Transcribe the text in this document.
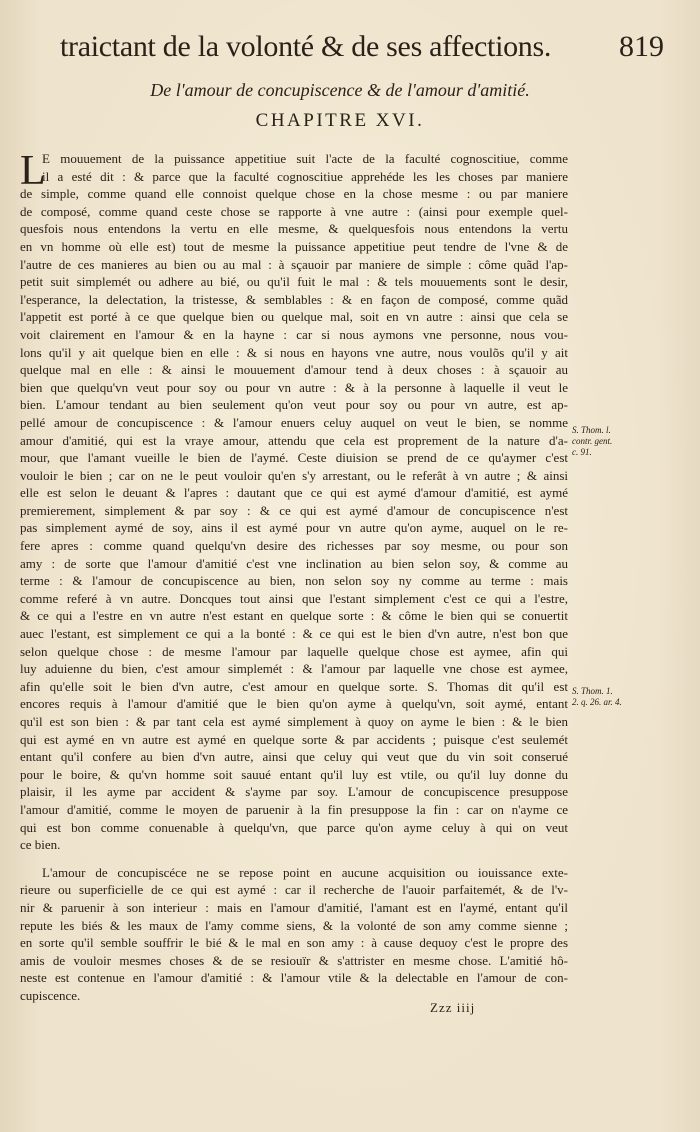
traictant de la volonté & de ses affections. 819
De l'amour de concupiscence & de l'amour d'amitié.
CHAPITRE XVI.
L
E mouuement de la puissance appetitiue suit l'acte de la faculté cognoscitiue, comme
il a esté dit : & parce que la faculté cognoscitiue apprehéde les les choses par maniere
de simple, comme quand elle connoist quelque chose en la chose mesme : ou par maniere
de composé, comme quand ceste chose se rapporte à vne autre : (ainsi pour exemple quel-
quesfois nous entendons la vertu en elle mesme, & quelquesfois nous entendons la vertu
en vn homme où elle est) tout de mesme la puissance appetitiue peut tendre de l'vne & de
l'autre de ces manieres au bien ou au mal : à sçauoir par maniere de simple : côme quãd l'ap-
petit suit simplemét ou adhere au bié, ou qu'il fuit le mal : & tels mouuements sont le desir,
l'esperance, la delectation, la tristesse, & semblables : & en façon de composé, comme quãd
l'appetit est porté à ce que quelque bien ou quelque mal, soit en vn autre : ainsi que cela se
voit clairement en l'amour & en la hayne : car si nous aymons vne personne, nous vou-
lons qu'il y ait quelque bien en elle : & si nous en hayons vne autre, nous voulõs qu'il y ait
quelque mal en elle : & ainsi le mouuement d'amour tend à deux choses : à sçauoir au
bien que quelqu'vn veut pour soy ou pour vn autre : & à la personne à laquelle il veut le
bien. L'amour tendant au bien seulement qu'on veut pour soy ou pour vn autre, est ap-
pellé amour de concupiscence : & l'amour enuers celuy auquel on veut le bien, se nomme
amour d'amitié, qui est la vraye amour, attendu que cela est proprement de la nature d'a-
mour, que l'amant vueille le bien de l'aymé. Ceste diuision se prend de ce qu'aymer c'est
vouloir le bien ; car on ne le peut vouloir qu'en s'y arrestant, ou le referât à vn autre ; & ainsi
elle est selon le deuant & l'apres : dautant que ce qui est aymé d'amour d'amitié, est aymé
premierement, simplement & par soy : & ce qui est aymé d'amour de concupiscence n'est
pas simplement aymé de soy, ains il est aymé pour vn autre qu'on ayme, auquel on le re-
fere apres : comme quand quelqu'vn desire des richesses par soy mesme, ou pour son
amy : de sorte que l'amour d'amitié c'est vne inclination au bien selon soy, & comme au
terme : & l'amour de concupiscence au bien, non selon soy ny comme au terme : mais
comme referé à vn autre. Doncques tout ainsi que l'estant simplement c'est ce qui a l'estre,
& ce qui a l'estre en vn autre n'est estant en quelque sorte : & côme le bien qui se conuertit
auec l'estant, est simplement ce qui a la bonté : & ce qui est le bien d'vn autre, n'est bon que
selon quelque chose : de mesme l'amour par laquelle quelque chose est aymee, afin qui
luy aduienne du bien, c'est amour simplemét : & l'amour par laquelle vne chose est aymee,
afin qu'elle soit le bien d'vn autre, c'est amour en quelque sorte. S. Thomas dit qu'il est
encores requis à l'amour d'amitié que le bien qu'on ayme à quelqu'vn, soit aymé, entant
qu'il est son bien : & par tant cela est aymé simplement à quoy on ayme le bien : & le bien
qui est aymé en vn autre est aymé en quelque sorte & par accidents ; puisque c'est seulemét
entant qu'il confere au bien d'vn autre, ainsi que celuy qui veut que du vin soit conserué
pour le boire, & qu'vn homme soit sauué entant qu'il luy est vtile, ou qu'il luy donne du
plaisir, il les ayme par accident & s'ayme par soy. L'amour de concupiscence presuppose
l'amour d'amitié, comme le moyen de paruenir à la fin presuppose la fin : car on n'ayme ce
qui est bon comme conuenable à quelqu'vn, que parce qu'on ayme celuy à qui on veut
ce bien.
L'amour de concupiscéce ne se repose point en aucune acquisition ou iouissance exte-
rieure ou superficielle de ce qui est aymé : car il recherche de l'auoir parfaitemét, & de l'v-
nir & paruenir à son interieur : mais en l'amour d'amitié, l'amant est en l'aymé, entant qu'il
repute les biés & les maux de l'amy comme siens, & la volonté de son amy comme sienne ;
en sorte qu'il semble souffrir le bié & le mal en son amy : à cause dequoy c'est le propre des
amis de vouloir mesmes choses & de se resiouïr & s'attrister en mesme chose. L'amitié hô-
neste est contenue en l'amour d'amitié : & l'amour vtile & la delectable en l'amour de con-
cupiscence.
S. Thom. l.
contr. gent.
c. 91.
S. Thom. 1.
2. q. 26. ar. 4.
Zzz iiij
